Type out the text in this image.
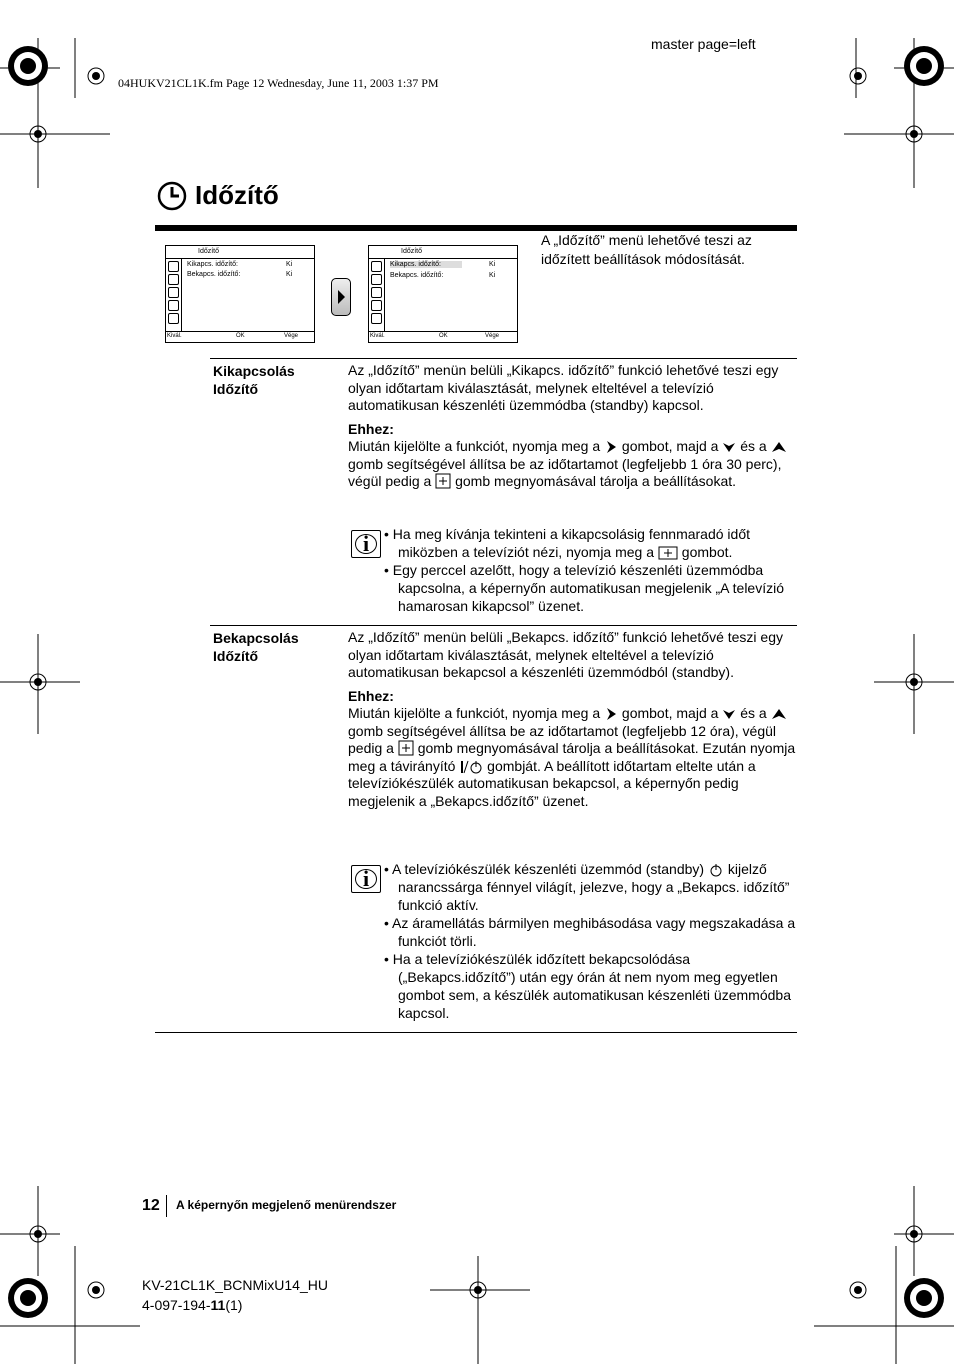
master page=left
04HUKV21CL1K.fm Page 12 Wednesday, June 11, 2003 1:37 PM
Időzítő
Időzítő
Kikapcs. időzítő:	Ki
Bekapcs. időzítő:	Ki
Kivál.	OK	Vége
Időzítő
Kikapcs. időzítő:	Ki
Bekapcs. időzítő:	Ki
Kivál.	OK	Vége
A „Időzítő” menü lehetővé teszi az időzített beállítások módosítását.
Kikapcsolás
Időzítő

Az „Időzítő” menün belüli „Kikapcs. időzítő” funkció lehetővé teszi egy olyan időtartam kiválasztását, melynek elteltével a televízió automatikusan készenléti üzemmódba (standby) kapcsol.

Ehhez:

Miután kijelölte a funkciót, nyomja meg a gombot, majd a és a  gomb segítségével állítsa be az időtartamot (legfeljebb 1 óra 30 perc), végül pedig a gomb megnyomásával tárolja a beállításokat.

i	• Ha meg kívánja tekinteni a kikapcsolásig fennmaradó időt miközben a televíziót nézi, nyomja meg a gombot.
• Egy perccel azelőtt, hogy a televízió készenléti üzemmódba kapcsolna, a képernyőn automatikusan megjelenik „A televízió hamarosan kikapcsol” üzenet.
Bekapcsolás
Időzítő

Az „Időzítő” menün belüli „Bekapcs. időzítő” funkció lehetővé teszi egy olyan időtartam kiválasztását, melynek elteltével a televízió automatikusan bekapcsol a készenléti üzemmódból (standby).

Ehhez:

Miután kijelölte a funkciót, nyomja meg a gombot, majd a és a  gomb segítségével állítsa be az időtartamot (legfeljebb 12 óra), végül pedig a gomb megnyomásával tárolja a beállításokat. Ezután nyomja meg a távirányító gombját. A beállított időtartam eltelte után a televíziókészülék automatikusan bekapcsol, a képernyőn pedig megjelenik a „Bekapcs.időzítő” üzenet.

i	• A televíziókészülék készenléti üzemmód (standby) kijelző narancssárga fénnyel világít, jelezve, hogy a „Bekapcs. időzítő” funkció aktív.
• Az áramellátás bármilyen meghibásodása vagy megszakadása a funkciót törli.
• Ha a televíziókészülék időzített bekapcsolódása („Bekapcs.időzítő”) után egy órán át nem nyom meg egyetlen gombot sem, a készülék automatikusan készenléti üzemmódba kapcsol.
12 A képernyőn megjelenő menürendszer
KV-21CL1K_BCNMixU14_HU
4-097-194-11(1)
